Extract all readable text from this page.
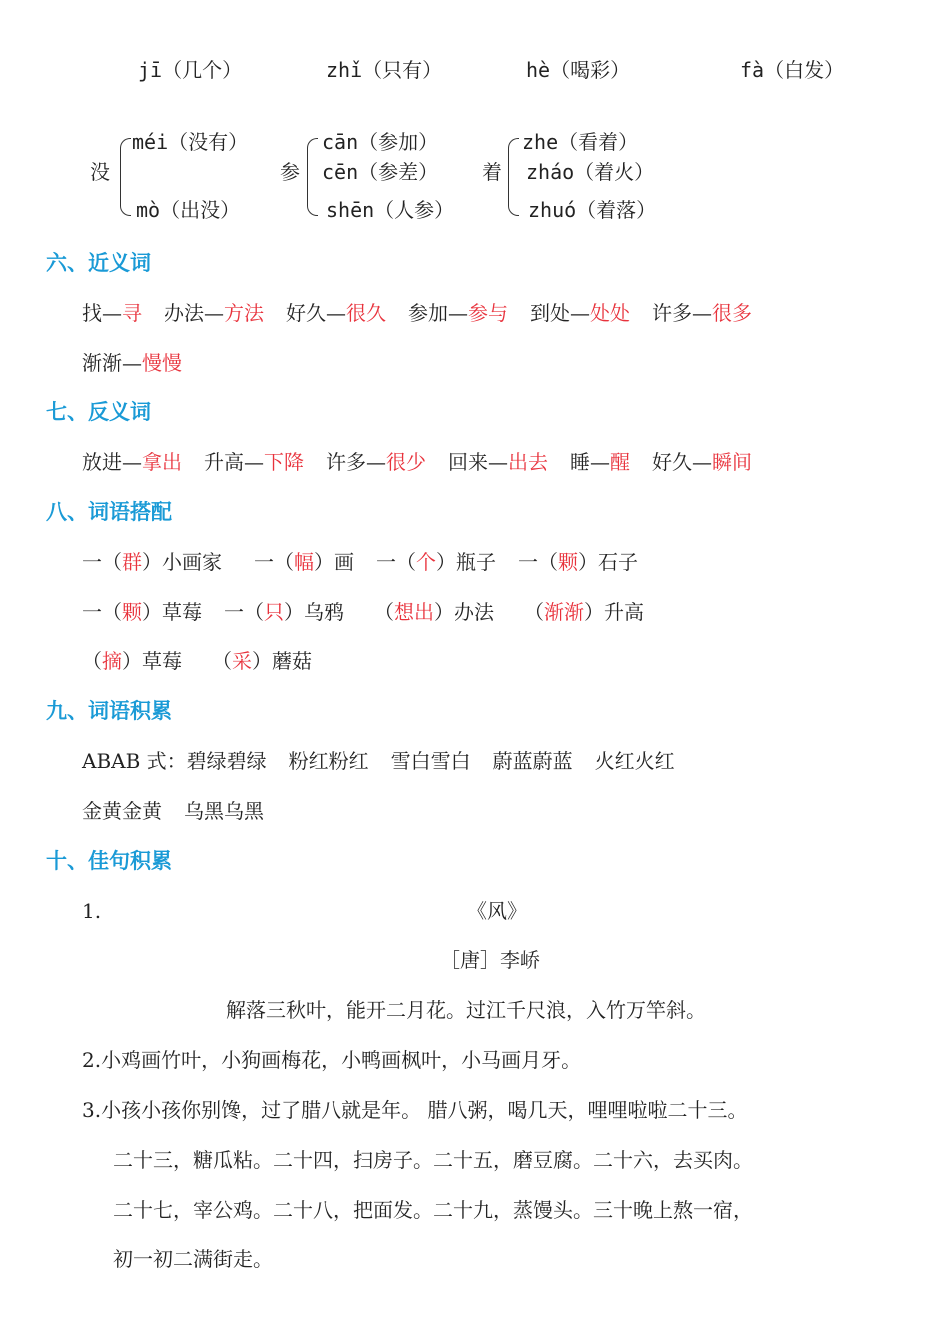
jī（几个）	zhǐ（只有）	hè（喝彩）	fà（白发）
没
méi（没有）
mò（出没）
参
cān（参加）
cēn（参差）
shēn（人参）
着
zhe（看着）
zháo（着火）
zhuó（着落）
六、近义词
找—寻 办法—方法 好久—很久 参加—参与 到处—处处 许多—很多
渐渐—慢慢
七、反义词
放进—拿出 升高—下降 许多—很少 回来—出去 睡—醒 好久—瞬间
八、词语搭配
一（群）小画家 一（幅）画 一（个）瓶子 一（颗）石子
一（颗）草莓 一（只）乌鸦 （想出）办法 （渐渐）升高
（摘）草莓 （采）蘑菇
九、词语积累
ABAB 式：碧绿碧绿 粉红粉红 雪白雪白 蔚蓝蔚蓝 火红火红
金黄金黄 乌黑乌黑
十、佳句积累
1.	《风》
［唐］李峤
解落三秋叶，能开二月花。过江千尺浪，入竹万竿斜。
2.小鸡画竹叶，小狗画梅花，小鸭画枫叶，小马画月牙。
3.小孩小孩你别馋，过了腊八就是年。 腊八粥，喝几天，哩哩啦啦二十三。
二十三，糖瓜粘。二十四，扫房子。二十五，磨豆腐。二十六，去买肉。
二十七，宰公鸡。二十八，把面发。二十九，蒸馒头。三十晚上熬一宿，
初一初二满街走。
